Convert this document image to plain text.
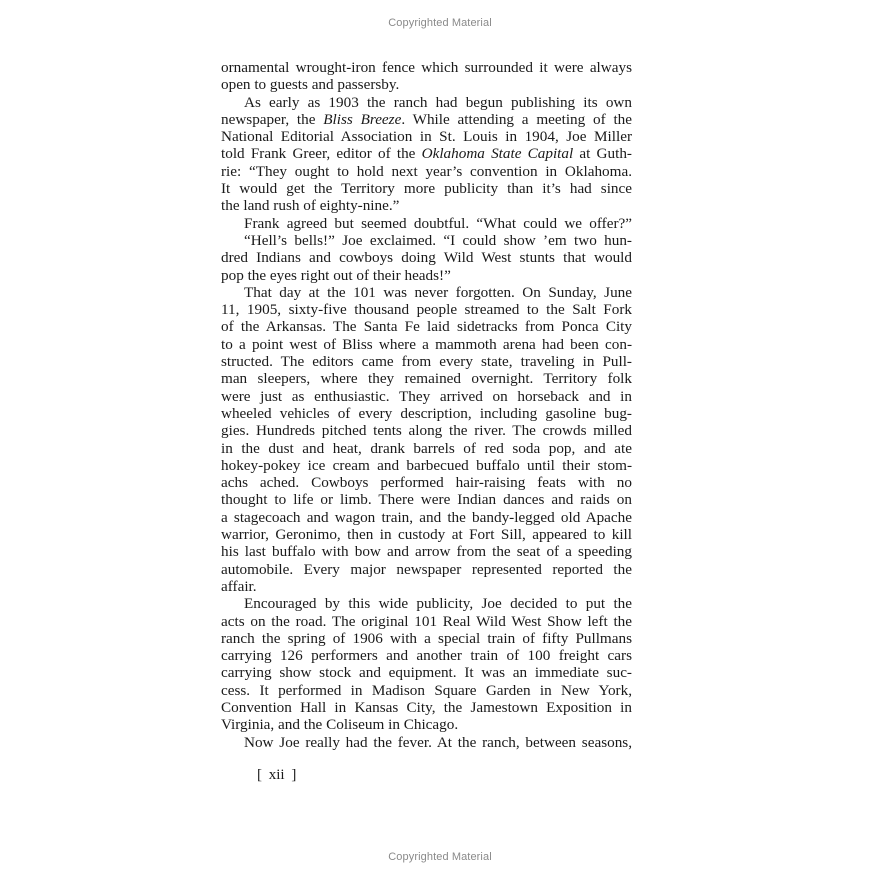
Copyrighted Material
ornamental wrought-iron fence which surrounded it were always
open to guests and passersby.
As early as 1903 the ranch had begun publishing its own
newspaper, the Bliss Breeze. While attending a meeting of the
National Editorial Association in St. Louis in 1904, Joe Miller
told Frank Greer, editor of the Oklahoma State Capital at Guth-
rie: “They ought to hold next year’s convention in Oklahoma.
It would get the Territory more publicity than it’s had since
the land rush of eighty-nine.”
Frank agreed but seemed doubtful. “What could we offer?”
“Hell’s bells!” Joe exclaimed. “I could show ’em two hun-
dred Indians and cowboys doing Wild West stunts that would
pop the eyes right out of their heads!”
That day at the 101 was never forgotten. On Sunday, June
11, 1905, sixty-five thousand people streamed to the Salt Fork
of the Arkansas. The Santa Fe laid sidetracks from Ponca City
to a point west of Bliss where a mammoth arena had been con-
structed. The editors came from every state, traveling in Pull-
man sleepers, where they remained overnight. Territory folk
were just as enthusiastic. They arrived on horseback and in
wheeled vehicles of every description, including gasoline bug-
gies. Hundreds pitched tents along the river. The crowds milled
in the dust and heat, drank barrels of red soda pop, and ate
hokey-pokey ice cream and barbecued buffalo until their stom-
achs ached. Cowboys performed hair-raising feats with no
thought to life or limb. There were Indian dances and raids on
a stagecoach and wagon train, and the bandy-legged old Apache
warrior, Geronimo, then in custody at Fort Sill, appeared to kill
his last buffalo with bow and arrow from the seat of a speeding
automobile. Every major newspaper represented reported the
affair.
Encouraged by this wide publicity, Joe decided to put the
acts on the road. The original 101 Real Wild West Show left the
ranch the spring of 1906 with a special train of fifty Pullmans
carrying 126 performers and another train of 100 freight cars
carrying show stock and equipment. It was an immediate suc-
cess. It performed in Madison Square Garden in New York,
Convention Hall in Kansas City, the Jamestown Exposition in
Virginia, and the Coliseum in Chicago.
Now Joe really had the fever. At the ranch, between seasons,
[ xii ]
Copyrighted Material
